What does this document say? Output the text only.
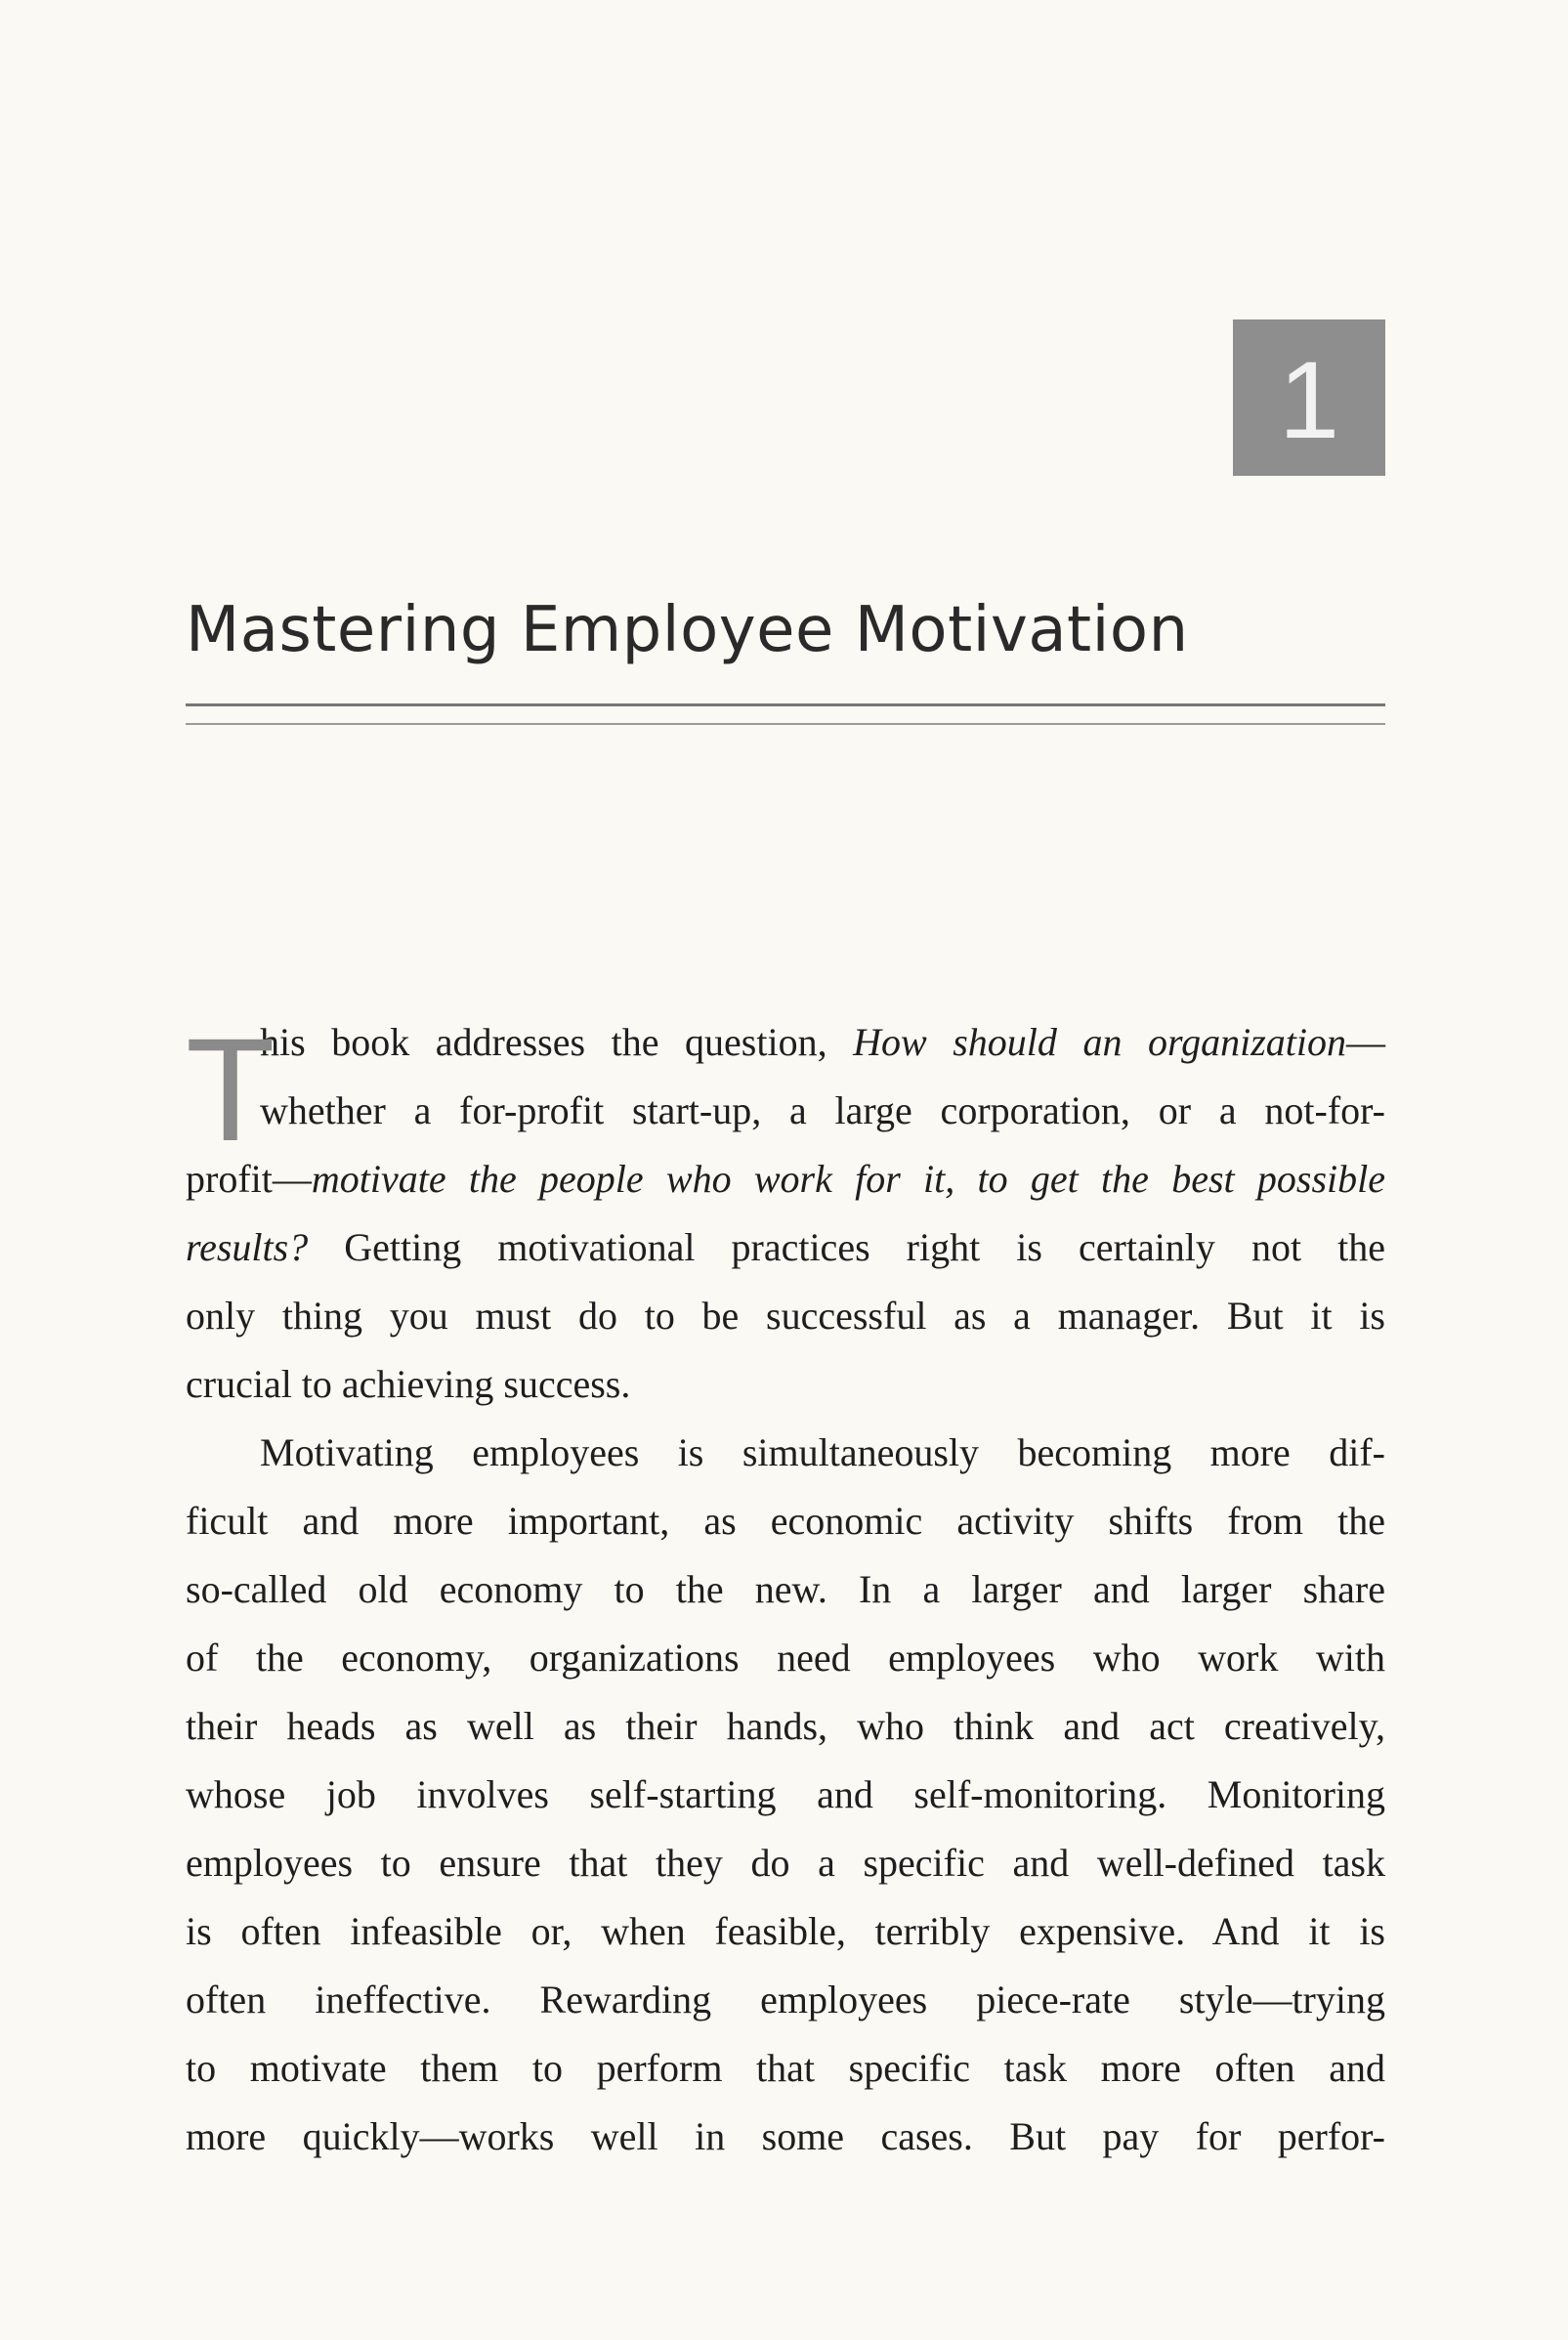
1
Mastering Employee Motivation
T
his book addresses the question, How should an organization—
whether a for-profit start-up, a large corporation, or a not-for-
profit—motivate the people who work for it, to get the best possible
results? Getting motivational practices right is certainly not the
only thing you must do to be successful as a manager. But it is
crucial to achieving success.
Motivating employees is simultaneously becoming more dif-
ficult and more important, as economic activity shifts from the
so-called old economy to the new. In a larger and larger share
of the economy, organizations need employees who work with
their heads as well as their hands, who think and act creatively,
whose job involves self-starting and self-monitoring. Monitoring
employees to ensure that they do a specific and well-defined task
is often infeasible or, when feasible, terribly expensive. And it is
often ineffective. Rewarding employees piece-rate style—trying
to motivate them to perform that specific task more often and
more quickly—works well in some cases. But pay for perfor-
